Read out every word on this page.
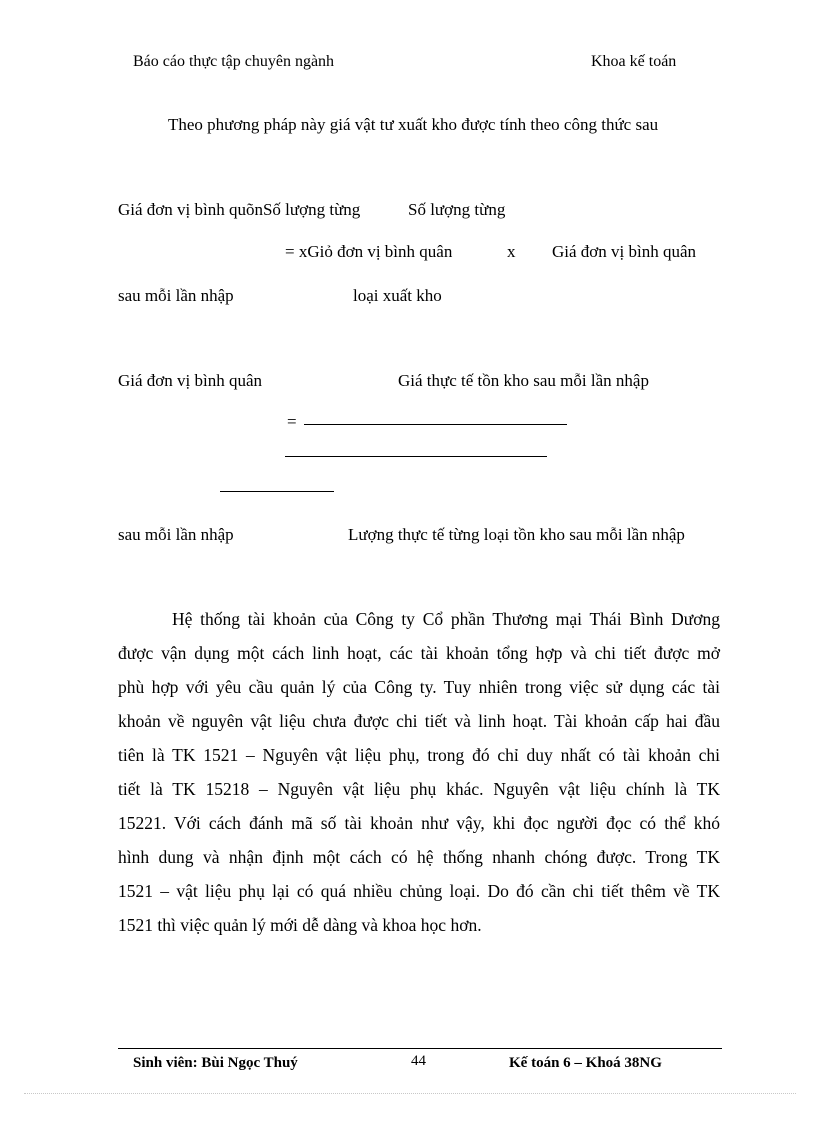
Báo cáo thực tập chuyên ngành	Khoa kế toán
Theo phương pháp này giá vật tư xuất kho được tính theo công thức sau
Giá đơn vị bình quõnSố lượng từng	Số lượng từng
= xGiỏ đơn vị bình quân	x Giá đơn vị bình quân
sau mỗi lần nhập	loại xuất kho
Giá đơn vị bình quân	Giá thực tế tồn kho sau mỗi lần nhập
=
sau mỗi lần nhập	Lượng thực tế từng loại tồn kho sau mỗi lần nhập
Hệ thống tài khoản của Công ty Cổ phần Thương mại Thái Bình Dương
được vận dụng một cách linh hoạt, các tài khoản tổng hợp và chi tiết được mở
phù hợp với yêu cầu quản lý của Công ty. Tuy nhiên trong việc sử dụng các tài
khoản về nguyên vật liệu chưa được chi tiết và linh hoạt. Tài khoản cấp hai đầu
tiên là TK 1521 – Nguyên vật liệu phụ, trong đó chỉ duy nhất có tài khoản chi
tiết là TK 15218 – Nguyên vật liệu phụ khác. Nguyên vật liệu chính là TK
15221. Với cách đánh mã số tài khoản như vậy, khi đọc người đọc có thể khó
hình dung và nhận định một cách có hệ thống nhanh chóng được. Trong TK
1521 – vật liệu phụ lại có quá nhiều chủng loại. Do đó cần chi tiết thêm về TK
1521 thì việc quản lý mới dễ dàng và khoa học hơn.
Sinh viên: Bùi Ngọc Thuý	44	Kế toán 6 – Khoá 38NG
